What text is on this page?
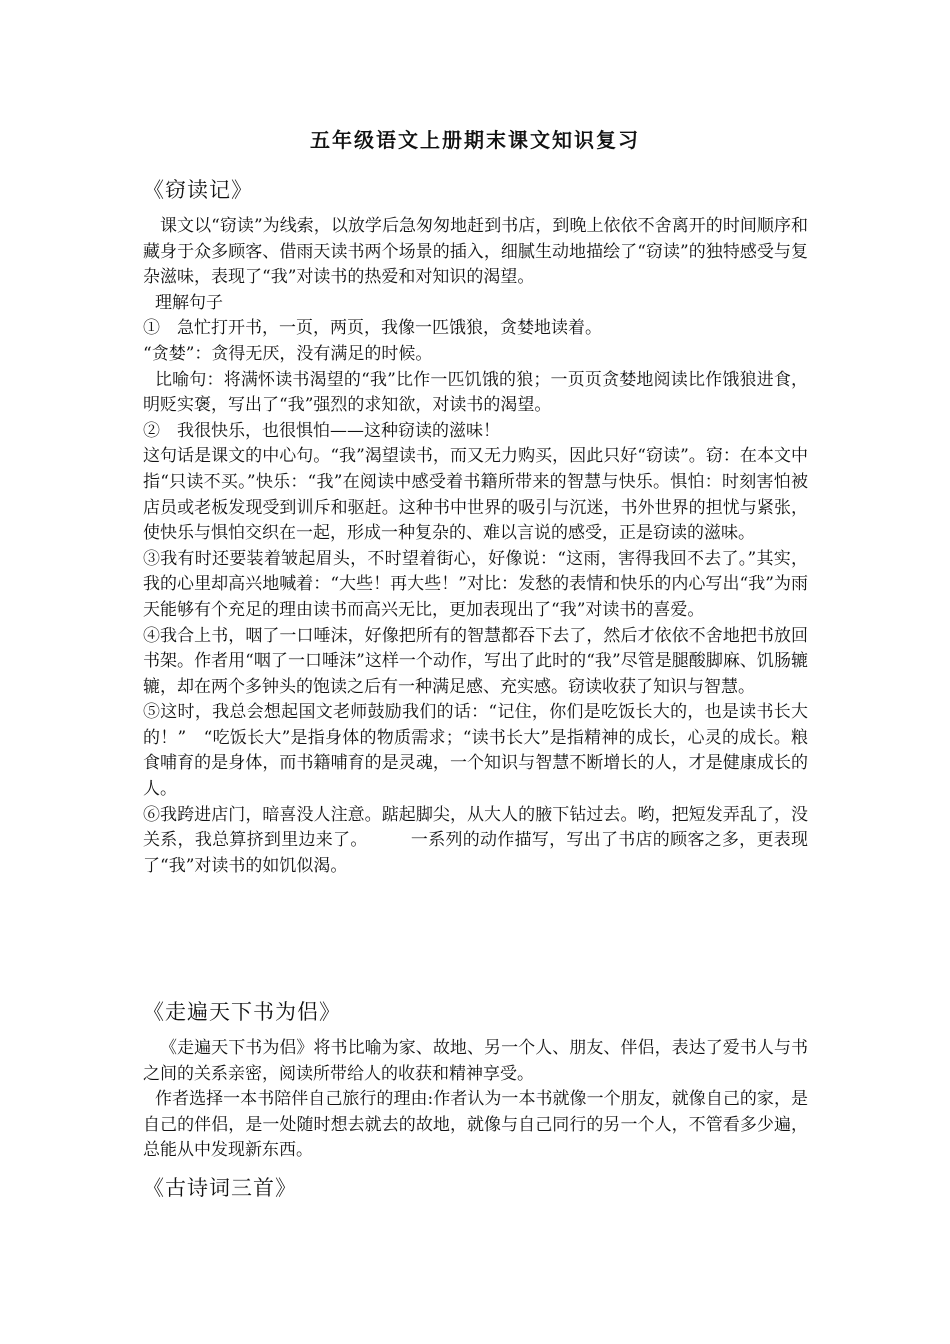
五年级语文上册期末课文知识复习
《窃读记》

课文以“窃读”为线索，以放学后急匆匆地赶到书店，到晚上依依不舍离开的时间顺序和藏身于众多顾客、借雨天读书两个场景的插入，细腻生动地描绘了“窃读”的独特感受与复杂滋味，表现了“我”对读书的热爱和对知识的渴望。

理解句子

①　急忙打开书，一页，两页，我像一匹饿狼，贪婪地读着。

“贪婪”：贪得无厌，没有满足的时候。

比喻句：将满怀读书渴望的“我”比作一匹饥饿的狼；一页页贪婪地阅读比作饿狼进食，明贬实褒，写出了“我”强烈的求知欲，对读书的渴望。

②　我很快乐，也很惧怕——这种窃读的滋味！

这句话是课文的中心句。“我”渴望读书，而又无力购买，因此只好“窃读”。窃：在本文中指“只读不买。”快乐：“我”在阅读中感受着书籍所带来的智慧与快乐。惧怕：时刻害怕被店员或老板发现受到训斥和驱赶。这种书中世界的吸引与沉迷，书外世界的担忧与紧张，使快乐与惧怕交织在一起，形成一种复杂的、难以言说的感受，正是窃读的滋味。

③我有时还要装着皱起眉头，不时望着街心，好像说：“这雨，害得我回不去了。”其实，我的心里却高兴地喊着：“大些！再大些！”对比：发愁的表情和快乐的内心写出“我”为雨天能够有个充足的理由读书而高兴无比，更加表现出了“我”对读书的喜爱。

④我合上书，咽了一口唾沫，好像把所有的智慧都吞下去了，然后才依依不舍地把书放回书架。作者用“咽了一口唾沫”这样一个动作，写出了此时的“我”尽管是腿酸脚麻、饥肠辘辘，却在两个多钟头的饱读之后有一种满足感、充实感。窃读收获了知识与智慧。

⑤这时，我总会想起国文老师鼓励我们的话：“记住，你们是吃饭长大的，也是读书长大的！”　“吃饭长大”是指身体的物质需求；“读书长大”是指精神的成长，心灵的成长。粮食哺育的是身体，而书籍哺育的是灵魂，一个知识与智慧不断增长的人，才是健康成长的人。

⑥我跨进店门，暗喜没人注意。踮起脚尖，从大人的腋下钻过去。哟，把短发弄乱了，没关系，我总算挤到里边来了。　　　一系列的动作描写，写出了书店的顾客之多，更表现了“我”对读书的如饥似渴。

《走遍天下书为侣》

《走遍天下书为侣》将书比喻为家、故地、另一个人、朋友、伴侣，表达了爱书人与书之间的关系亲密，阅读所带给人的收获和精神享受。

作者选择一本书陪伴自己旅行的理由:作者认为一本书就像一个朋友，就像自己的家，是自己的伴侣，是一处随时想去就去的故地，就像与自己同行的另一个人，不管看多少遍，总能从中发现新东西。

《古诗词三首》
